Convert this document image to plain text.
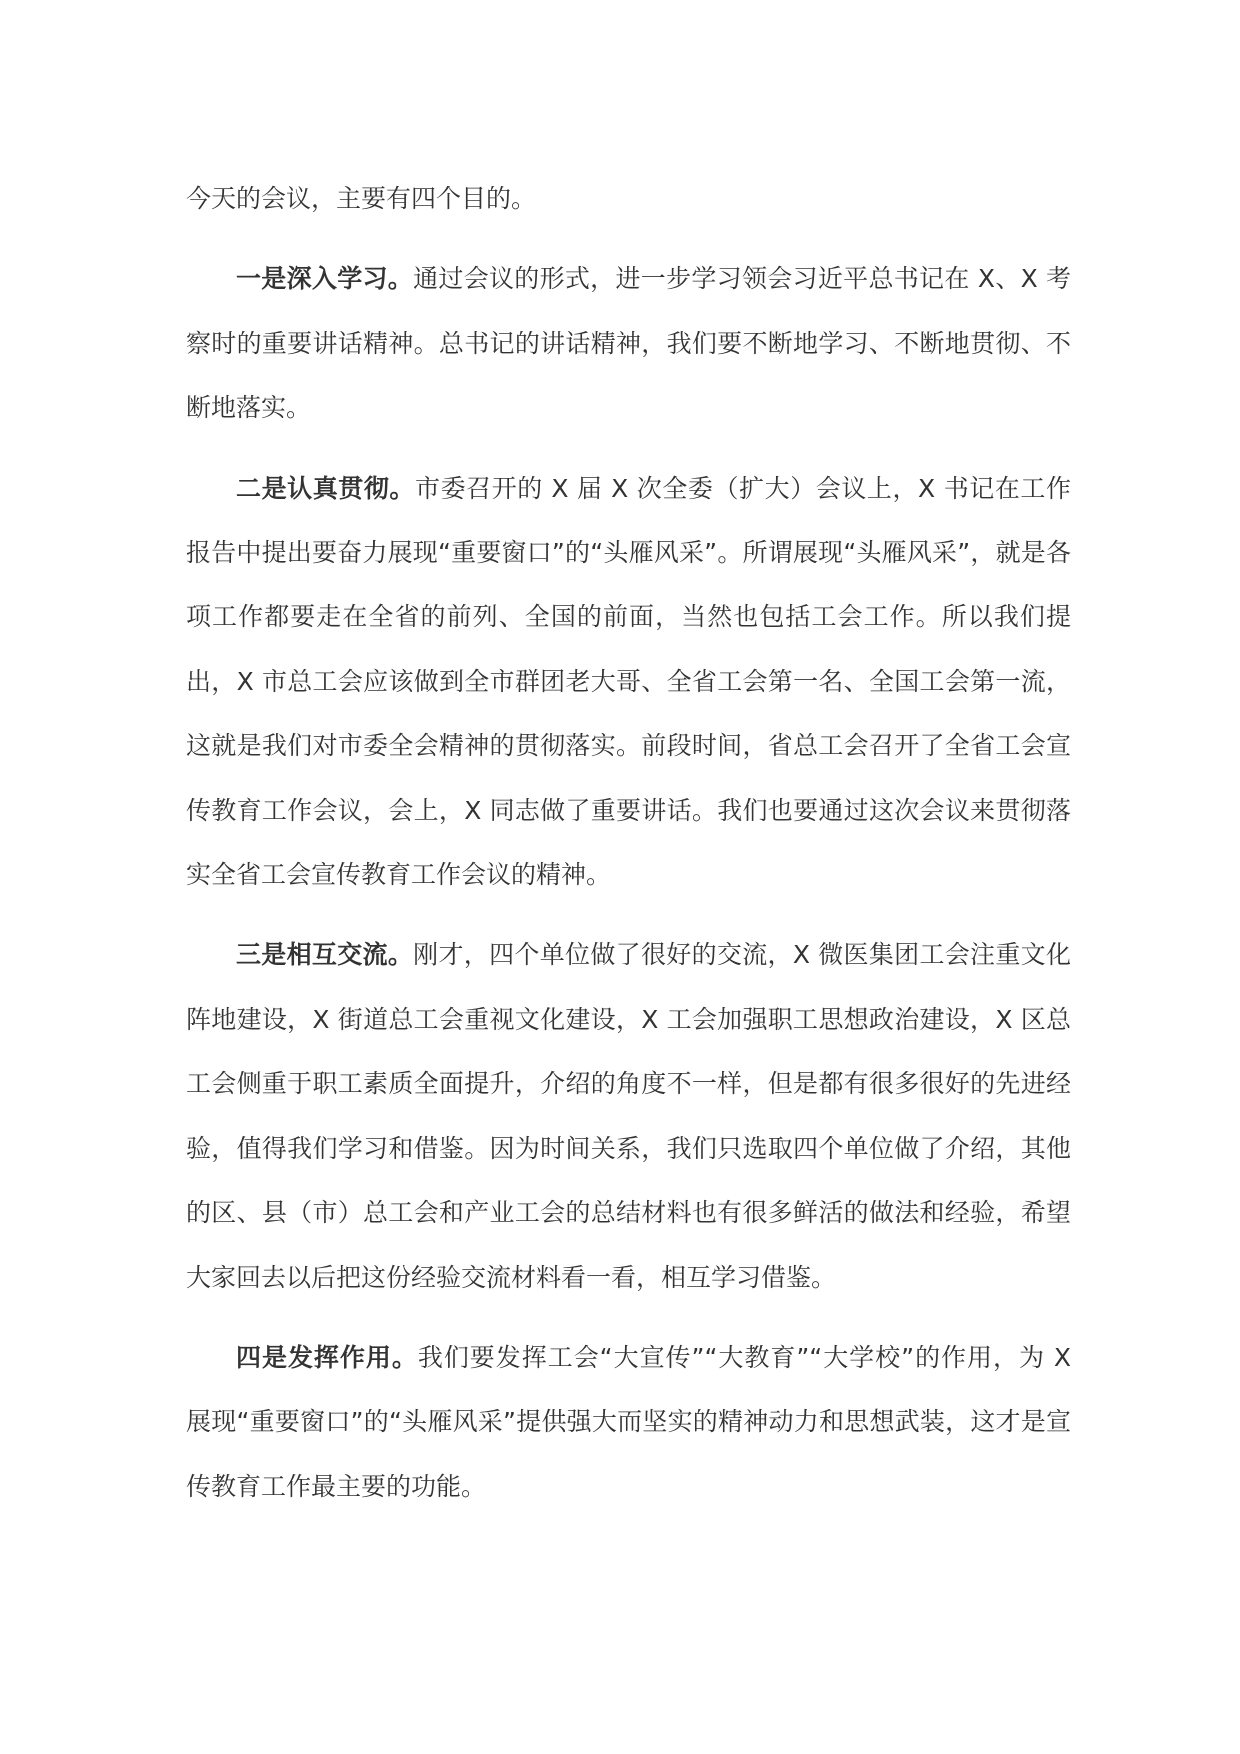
今天的会议，主要有四个目的。

一是深入学习。通过会议的形式，进一步学习领会习近平总书记在 X、X 考察时的重要讲话精神。总书记的讲话精神，我们要不断地学习、不断地贯彻、不断地落实。

二是认真贯彻。市委召开的 X 届 X 次全委（扩大）会议上，X 书记在工作报告中提出要奋力展现“重要窗口”的“头雁风采”。所谓展现“头雁风采”，就是各项工作都要走在全省的前列、全国的前面，当然也包括工会工作。所以我们提出，X 市总工会应该做到全市群团老大哥、全省工会第一名、全国工会第一流，这就是我们对市委全会精神的贯彻落实。前段时间，省总工会召开了全省工会宣传教育工作会议，会上，X 同志做了重要讲话。我们也要通过这次会议来贯彻落实全省工会宣传教育工作会议的精神。

三是相互交流。刚才，四个单位做了很好的交流，X 微医集团工会注重文化阵地建设，X 街道总工会重视文化建设，X 工会加强职工思想政治建设，X 区总工会侧重于职工素质全面提升，介绍的角度不一样，但是都有很多很好的先进经验，值得我们学习和借鉴。因为时间关系，我们只选取四个单位做了介绍，其他的区、县（市）总工会和产业工会的总结材料也有很多鲜活的做法和经验，希望大家回去以后把这份经验交流材料看一看，相互学习借鉴。

四是发挥作用。我们要发挥工会“大宣传”“大教育”“大学校”的作用，为 X 展现“重要窗口”的“头雁风采”提供强大而坚实的精神动力和思想武装，这才是宣传教育工作最主要的功能。
